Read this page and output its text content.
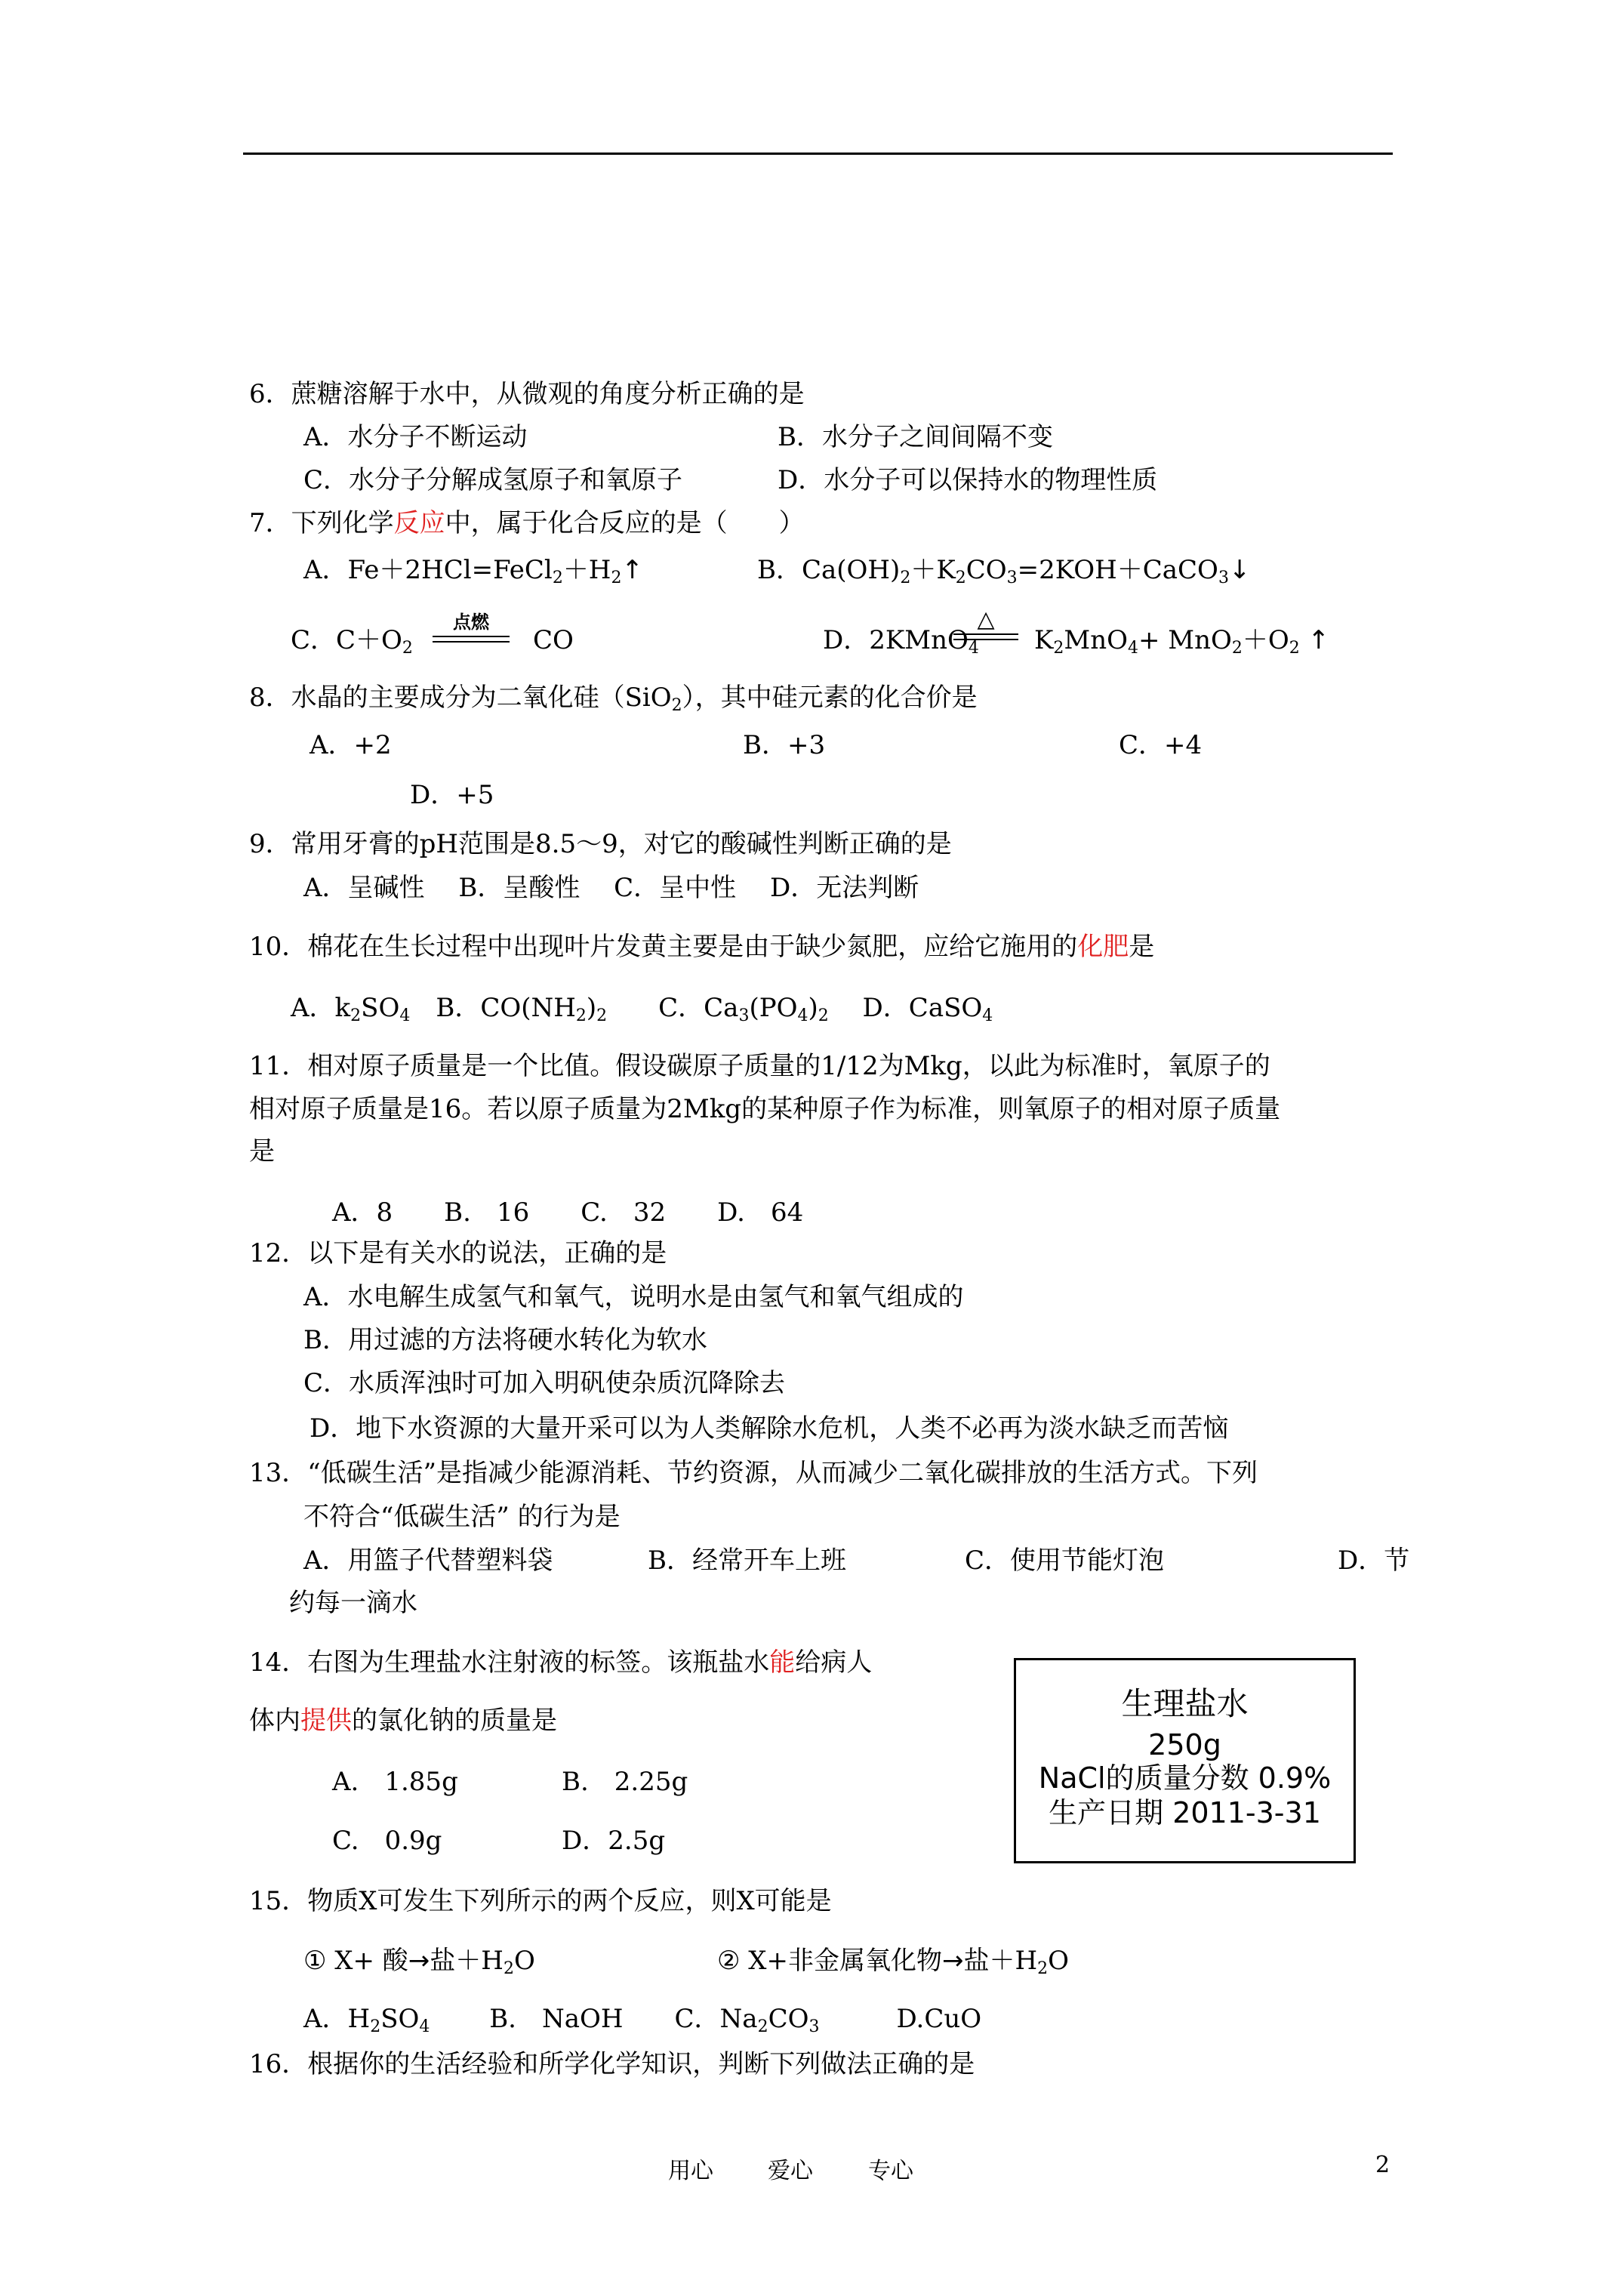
6．蔗糖溶解于水中，从微观的角度分析正确的是
A．水分子不断运动	B．水分子之间间隔不变
C．水分子分解成氢原子和氧原子	D．水分子可以保持水的物理性质
7．下列化学反应中，属于化合反应的是（　　）
A．$Fe+2HCl=FeCl_2+H_2↑$	B．$Ca(OH)_2+K_2CO_3=2KOH+CaCO_3↓$
C．$C+O_2$
点燃
CO	D．2KMnO$_4$
△
$K_2MnO_4+ MnO_2+O_2$ ↑
8．水晶的主要成分为二氧化硅（SiO$_2$），其中硅元素的化合价是
A．+2	B．+3	C．+4
D．+5
9．常用牙膏的pH范围是8.5～9，对它的酸碱性判断正确的是
A．呈碱性　 B．呈酸性　 C．呈中性　 D．无法判断
10．棉花在生长过程中出现叶片发黄主要是由于缺少氮肥，应给它施用的化肥是
A．$k_2SO_4$　B．$CO(NH_2)_2$　　C．$Ca_3(PO_4)_2$　 D．CaSO$_4$
11．相对原子质量是一个比值。假设碳原子质量的1/12为Mkg，以此为标准时，氧原子的
相对原子质量是16。若以原子质量为2Mkg的某种原子作为标准，则氧原子的相对原子质量
是
A．8　　B.　16　　C.　32　　D.　64
12．以下是有关水的说法，正确的是
A．水电解生成氢气和氧气，说明水是由氢气和氧气组成的
B．用过滤的方法将硬水转化为软水
C．水质浑浊时可加入明矾使杂质沉降除去
D．地下水资源的大量开采可以为人类解除水危机，人类不必再为淡水缺乏而苦恼
13．“低碳生活”是指减少能源消耗、节约资源，从而减少二氧化碳排放的生活方式。下列
不符合“低碳生活” 的行为是
A．用篮子代替塑料袋	B．经常开车上班	C．使用节能灯泡	D．节
约每一滴水
14．右图为生理盐水注射液的标签。该瓶盐水能给病人
体内提供的氯化钠的质量是
A.　1.85g	B.　2.25g
C.　0.9g	D．2.5g
生理盐水
250g
NaCl的质量分数 0.9%
生产日期 2011-3-31
15．物质X可发生下列所示的两个反应，则X可能是
① X+ 酸→盐$+H_2O$	② X+非金属氧化物→盐$+H_2O$
A．$H_2SO_4$　　 B.　NaOH　　C．$Na_2CO_3$　　　D.CuO
16．根据你的生活经验和所学化学知识，判断下列做法正确的是
用心 爱心 专心	2
